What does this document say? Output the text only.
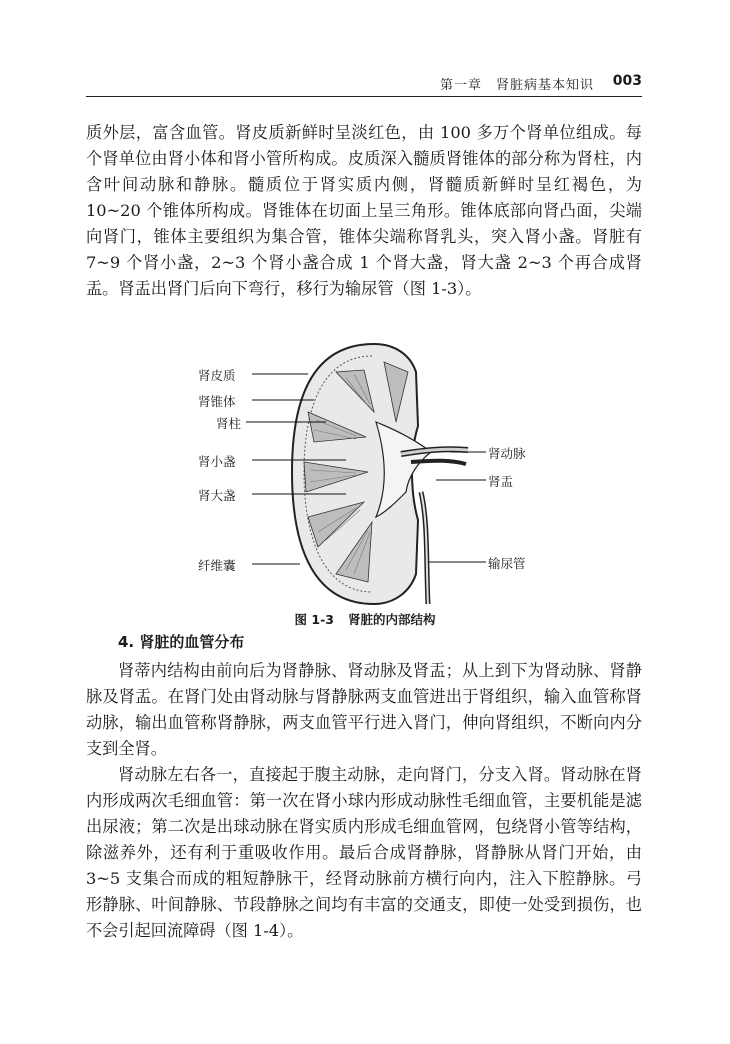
第一章　肾脏病基本知识 003

质外层，富含血管。肾皮质新鲜时呈淡红色，由 100 多万个肾单位组成。每个肾单位由肾小体和肾小管所构成。皮质深入髓质肾锥体的部分称为肾柱，内含叶间动脉和静脉。髓质位于肾实质内侧，肾髓质新鲜时呈红褐色，为 10~20 个锥体所构成。肾锥体在切面上呈三角形。锥体底部向肾凸面，尖端向肾门，锥体主要组织为集合管，锥体尖端称肾乳头，突入肾小盏。肾脏有 7~9 个肾小盏，2~3 个肾小盏合成 1 个肾大盏，肾大盏 2~3 个再合成肾盂。肾盂出肾门后向下弯行，移行为输尿管（图 1-3）。

肾皮质
肾锥体
肾柱
肾小盏
肾大盏
纤维囊
肾动脉
肾盂
输尿管
图 1-3 肾脏的内部结构
4. 肾脏的血管分布

肾蒂内结构由前向后为肾静脉、肾动脉及肾盂；从上到下为肾动脉、肾静脉及肾盂。在肾门处由肾动脉与肾静脉两支血管进出于肾组织，输入血管称肾动脉，输出血管称肾静脉，两支血管平行进入肾门，伸向肾组织，不断向内分支到全肾。

肾动脉左右各一，直接起于腹主动脉，走向肾门，分支入肾。肾动脉在肾内形成两次毛细血管：第一次在肾小球内形成动脉性毛细血管，主要机能是滤出尿液；第二次是出球动脉在肾实质内形成毛细血管网，包绕肾小管等结构，除滋养外，还有利于重吸收作用。最后合成肾静脉，肾静脉从肾门开始，由 3~5 支集合而成的粗短静脉干，经肾动脉前方横行向内，注入下腔静脉。弓形静脉、叶间静脉、节段静脉之间均有丰富的交通支，即使一处受到损伤，也不会引起回流障碍（图 1-4）。
